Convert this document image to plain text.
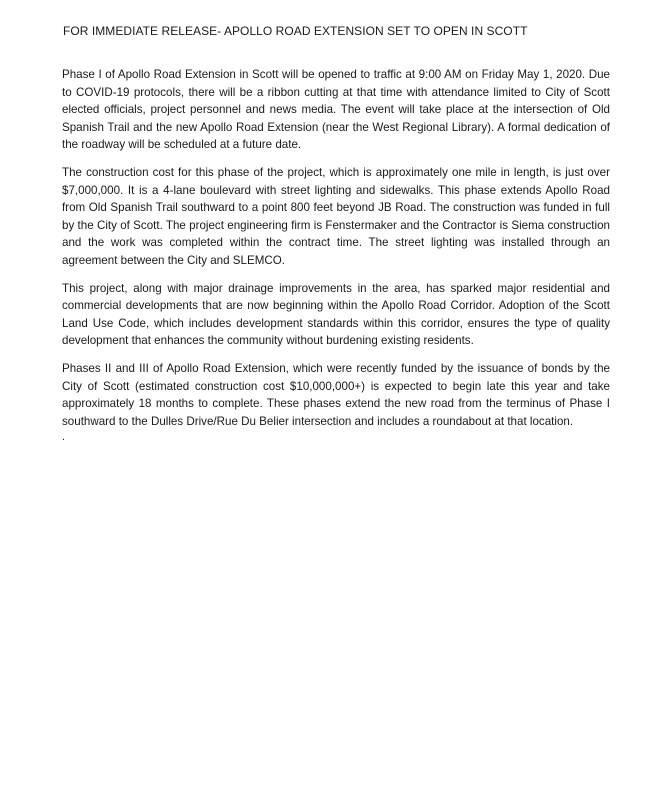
FOR IMMEDIATE RELEASE- APOLLO ROAD EXTENSION SET TO OPEN IN SCOTT

Phase I of Apollo Road Extension in Scott will be opened to traffic at 9:00 AM on Friday May 1, 2020. Due to COVID-19 protocols, there will be a ribbon cutting at that time with attendance limited to City of Scott elected officials, project personnel and news media. The event will take place at the intersection of Old Spanish Trail and the new Apollo Road Extension (near the West Regional Library). A formal dedication of the roadway will be scheduled at a future date.

The construction cost for this phase of the project, which is approximately one mile in length, is just over $7,000,000. It is a 4-lane boulevard with street lighting and sidewalks. This phase extends Apollo Road from Old Spanish Trail southward to a point 800 feet beyond JB Road. The construction was funded in full by the City of Scott. The project engineering firm is Fenstermaker and the Contractor is Siema construction and the work was completed within the contract time. The street lighting was installed through an agreement between the City and SLEMCO.

This project, along with major drainage improvements in the area, has sparked major residential and commercial developments that are now beginning within the Apollo Road Corridor. Adoption of the Scott Land Use Code, which includes development standards within this corridor, ensures the type of quality development that enhances the community without burdening existing residents.

Phases II and III of Apollo Road Extension, which were recently funded by the issuance of bonds by the City of Scott (estimated construction cost $10,000,000+) is expected to begin late this year and take approximately 18 months to complete. These phases extend the new road from the terminus of Phase I southward to the Dulles Drive/Rue Du Belier intersection and includes a roundabout at that location.

.
